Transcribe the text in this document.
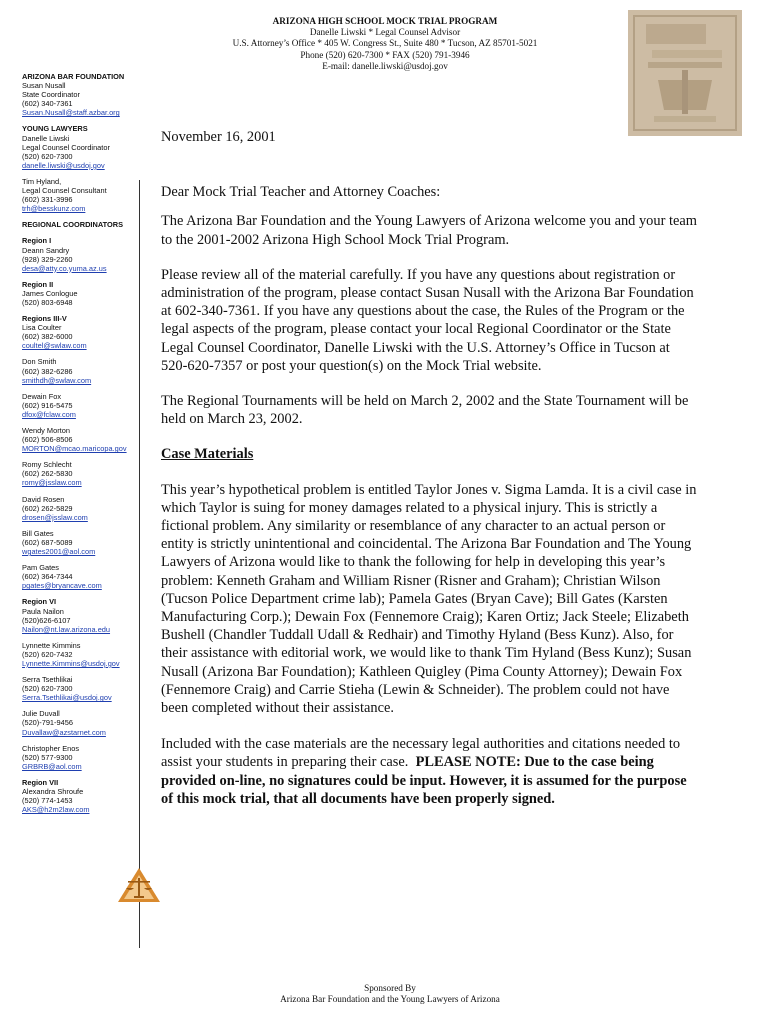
ARIZONA HIGH SCHOOL MOCK TRIAL PROGRAM
Danelle Liwski * Legal Counsel Advisor
U.S. Attorney’s Office * 405 W. Congress St., Suite 480 * Tucson, AZ 85701-5021
Phone (520) 620-7300 * FAX (520) 791-3946
E-mail: danelle.liwski@usdoj.gov
ARIZONA BAR FOUNDATION
Susan Nusall
State Coordinator
(602) 340-7361
Susan.Nusall@staff.azbar.org
YOUNG LAWYERS
Danelle Liwski
Legal Counsel Coordinator
(520) 620-7300
danelle.liwski@usdoj.gov
Tim Hyland,
Legal Counsel Consultant
(602) 331-3996
trh@besskunz.com
REGIONAL COORDINATORS
Region I
Deann Sandry
(928) 329-2260
desa@atty.co.yuma.az.us
Region II
James Conlogue
(520) 803-6948
Regions III-V
Lisa Coulter
(602) 382-6000
coultel@swlaw.com
Don Smith
(602) 382-6286
smithdh@swlaw.com
Dewain Fox
(602) 916-5475
dfox@fclaw.com
Wendy Morton
(602) 506-8506
MORTON@mcao.maricopa.gov
Romy Schlecht
(602) 262-5830
romy@jsslaw.com
David Rosen
(602) 262-5829
drosen@jsslaw.com
Bill Gates
(602) 687-5089
wgates2001@aol.com
Pam Gates
(602) 364-7344
pgates@bryancave.com
Region VI
Paula Nailon
(520)626-6107
Nailon@nt.law.arizona.edu
Lynnette Kimmins
(520) 620-7432
Lynnette.Kimmins@usdoj.gov
Serra Tsethlikai
(520) 620-7300
Serra.Tsethlikai@usdoj.gov
Julie Duvall
(520)-791-9456
Duvallaw@azstarnet.com
Christopher Enos
(520) 577-9300
GRBRB@aol.com
Region VII
Alexandra Shroufe
(520) 774-1453
AKS@h2m2law.com

November 16, 2001

Dear Mock Trial Teacher and Attorney Coaches:

The Arizona Bar Foundation and the Young Lawyers of Arizona welcome you and your team to the 2001-2002 Arizona High School Mock Trial Program.

Please review all of the material carefully. If you have any questions about registration or administration of the program, please contact Susan Nusall with the Arizona Bar Foundation at 602-340-7361. If you have any questions about the case, the Rules of the Program or the legal aspects of the program, please contact your local Regional Coordinator or the State Legal Counsel Coordinator, Danelle Liwski with the U.S. Attorney’s Office in Tucson at 520-620-7357 or post your question(s) on the Mock Trial website.

The Regional Tournaments will be held on March 2, 2002 and the State Tournament will be held on March 23, 2002.

Case Materials

This year’s hypothetical problem is entitled Taylor Jones v. Sigma Lamda. It is a civil case in which Taylor is suing for money damages related to a physical injury. This is strictly a fictional problem. Any similarity or resemblance of any character to an actual person or entity is strictly unintentional and coincidental. The Arizona Bar Foundation and The Young Lawyers of Arizona would like to thank the following for help in developing this year’s problem: Kenneth Graham and William Risner (Risner and Graham); Christian Wilson (Tucson Police Department crime lab); Pamela Gates (Bryan Cave); Bill Gates (Karsten Manufacturing Corp.); Dewain Fox (Fennemore Craig); Karen Ortiz; Jack Steele; Elizabeth Bushell (Chandler Tuddall Udall & Redhair) and Timothy Hyland (Bess Kunz). Also, for their assistance with editorial work, we would like to thank Tim Hyland (Bess Kunz); Susan Nusall (Arizona Bar Foundation); Kathleen Quigley (Pima County Attorney); Dewain Fox (Fennemore Craig) and Carrie Stieha (Lewin & Schneider). The problem could not have been completed without their assistance.

Included with the case materials are the necessary legal authorities and citations needed to assist your students in preparing their case. PLEASE NOTE: Due to the case being provided on-line, no signatures could be input. However, it is assumed for the purpose of this mock trial, that all documents have been properly signed.

Sponsored By
Arizona Bar Foundation and the Young Lawyers of Arizona
